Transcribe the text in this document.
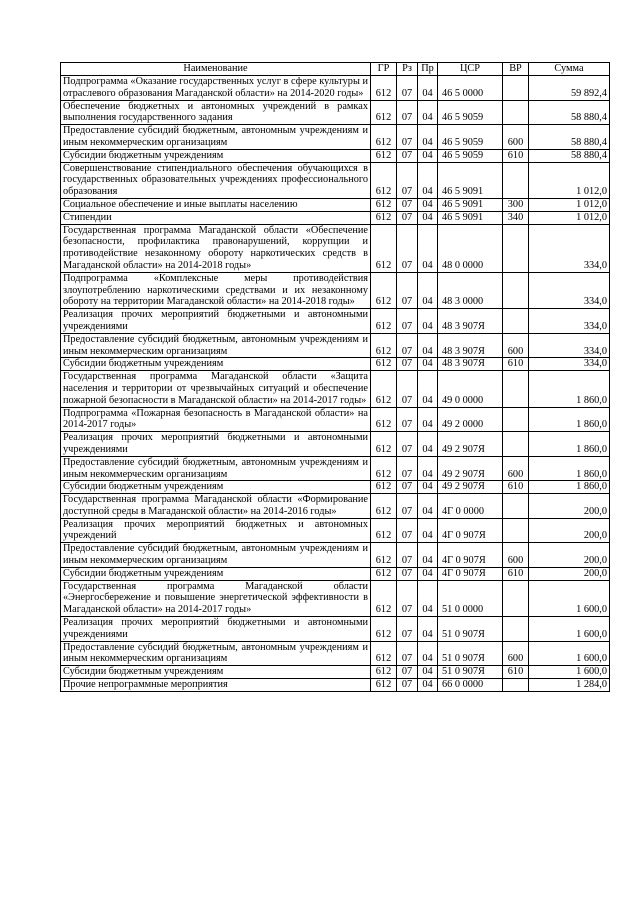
Наименование	ГР	Рз	Пр	ЦСР	ВР	Сумма
Подпрограмма «Оказание государственных услуг в сфере культуры и отраслевого образования Магаданской области» на 2014-2020 годы»	612	07	04	46 5 0000		59 892,4
Обеспечение бюджетных и автономных учреждений в рамках выполнения государственного задания	612	07	04	46 5 9059		58 880,4
Предоставление субсидий бюджетным, автономным учреждениям и иным некоммерческим организациям	612	07	04	46 5 9059	600	58 880,4
Субсидии бюджетным учреждениям	612	07	04	46 5 9059	610	58 880,4
Совершенствование стипендиального обеспечения обучающихся в государственных образовательных учреждениях профессионального образования	612	07	04	46 5 9091		1 012,0
Социальное обеспечение и иные выплаты населению	612	07	04	46 5 9091	300	1 012,0
Стипендии	612	07	04	46 5 9091	340	1 012,0
Государственная программа Магаданской области «Обеспечение безопасности, профилактика правонарушений, коррупции и противодействие незаконному обороту наркотических средств в Магаданской области» на 2014-2018 годы»	612	07	04	48 0 0000		334,0
Подпрограмма «Комплексные меры противодействия злоупотреблению наркотическими средствами и их незаконному обороту на территории Магаданской области» на 2014-2018 годы»	612	07	04	48 3 0000		334,0
Реализация прочих мероприятий бюджетными и автономными учреждениями	612	07	04	48 3 907Я		334,0
Предоставление субсидий бюджетным, автономным учреждениям и иным некоммерческим организациям	612	07	04	48 3 907Я	600	334,0
Субсидии бюджетным учреждениям	612	07	04	48 3 907Я	610	334,0
Государственная программа Магаданской области «Защита населения и территории от чрезвычайных ситуаций и обеспечение пожарной безопасности в Магаданской области» на 2014-2017 годы»	612	07	04	49 0 0000		1 860,0
Подпрограмма «Пожарная безопасность в Магаданской области» на 2014-2017 годы»	612	07	04	49 2 0000		1 860,0
Реализация прочих мероприятий бюджетными и автономными учреждениями	612	07	04	49 2 907Я		1 860,0
Предоставление субсидий бюджетным, автономным учреждениям и иным некоммерческим организациям	612	07	04	49 2 907Я	600	1 860,0
Субсидии бюджетным учреждениям	612	07	04	49 2 907Я	610	1 860,0
Государственная программа Магаданской области «Формирование доступной среды в Магаданской области» на 2014-2016 годы»	612	07	04	4Г 0 0000		200,0
Реализация прочих мероприятий бюджетных и автономных учреждений	612	07	04	4Г 0 907Я		200,0
Предоставление субсидий бюджетным, автономным учреждениям и иным некоммерческим организациям	612	07	04	4Г 0 907Я	600	200,0
Субсидии бюджетным учреждениям	612	07	04	4Г 0 907Я	610	200,0
Государственная программа Магаданской области «Энергосбережение и повышение энергетической эффективности в Магаданской области» на 2014-2017 годы»	612	07	04	51 0 0000		1 600,0
Реализация прочих мероприятий бюджетными и автономными учреждениями	612	07	04	51 0 907Я		1 600,0
Предоставление субсидий бюджетным, автономным учреждениям и иным некоммерческим организациям	612	07	04	51 0 907Я	600	1 600,0
Субсидии бюджетным учреждениям	612	07	04	51 0 907Я	610	1 600,0
Прочие непрограммные мероприятия	612	07	04	66 0 0000		1 284,0
